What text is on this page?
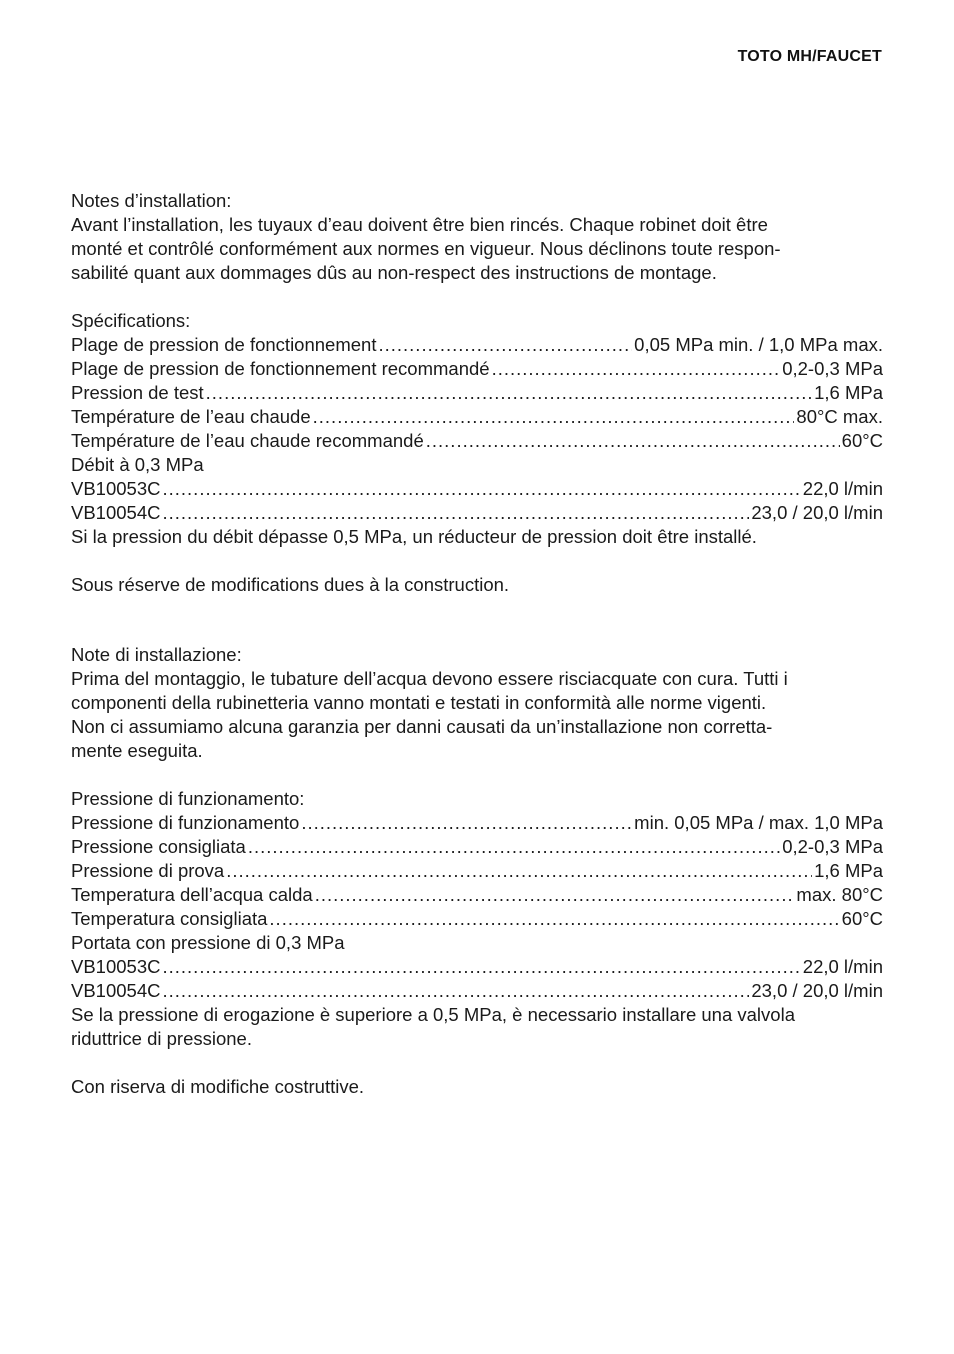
TOTO MH/FAUCET

Notes d’installation:

Avant l’installation, les tuyaux d’eau doivent être bien rincés. Chaque robinet doit être

monté et contrôlé conformément aux normes en vigueur. Nous déclinons toute respon-

sabilité quant aux dommages dûs au non-respect des instructions de montage.

Spécifications:

Plage de pression de fonctionnement .....	0,05 MPa min. / 1,0 MPa max.
Plage de pression de fonctionnement recommandé .....	0,2-0,3 MPa
Pression de test .....	1,6 MPa
Température de l’eau chaude .....	80°C max.
Température de l’eau chaude recommandé .....	60°C

Débit à 0,3 MPa

VB10053C .....	22,0 l/min
VB10054C .....	23,0 / 20,0 l/min

Si la pression du débit dépasse 0,5 MPa, un réducteur de pression doit être installé.

Sous réserve de modifications dues à la construction.

Note di installazione:

Prima del montaggio, le tubature dell’acqua devono essere risciacquate con cura. Tutti i

componenti della rubinetteria vanno montati e testati in conformità alle norme vigenti.

Non ci assumiamo alcuna garanzia per danni causati da un’installazione non corretta-

mente eseguita.

Pressione di funzionamento:

Pressione di funzionamento .....	min. 0,05 MPa / max. 1,0 MPa
Pressione consigliata .....	0,2-0,3 MPa
Pressione di prova .....	1,6 MPa
Temperatura dell’acqua calda .....	max. 80°C
Temperatura consigliata .....	60°C

Portata con pressione di 0,3 MPa

VB10053C .....	22,0 l/min
VB10054C .....	23,0 / 20,0 l/min

Se la pressione di erogazione è superiore a 0,5 MPa, è necessario installare una valvola

riduttrice di pressione.

Con riserva di modifiche costruttive.
